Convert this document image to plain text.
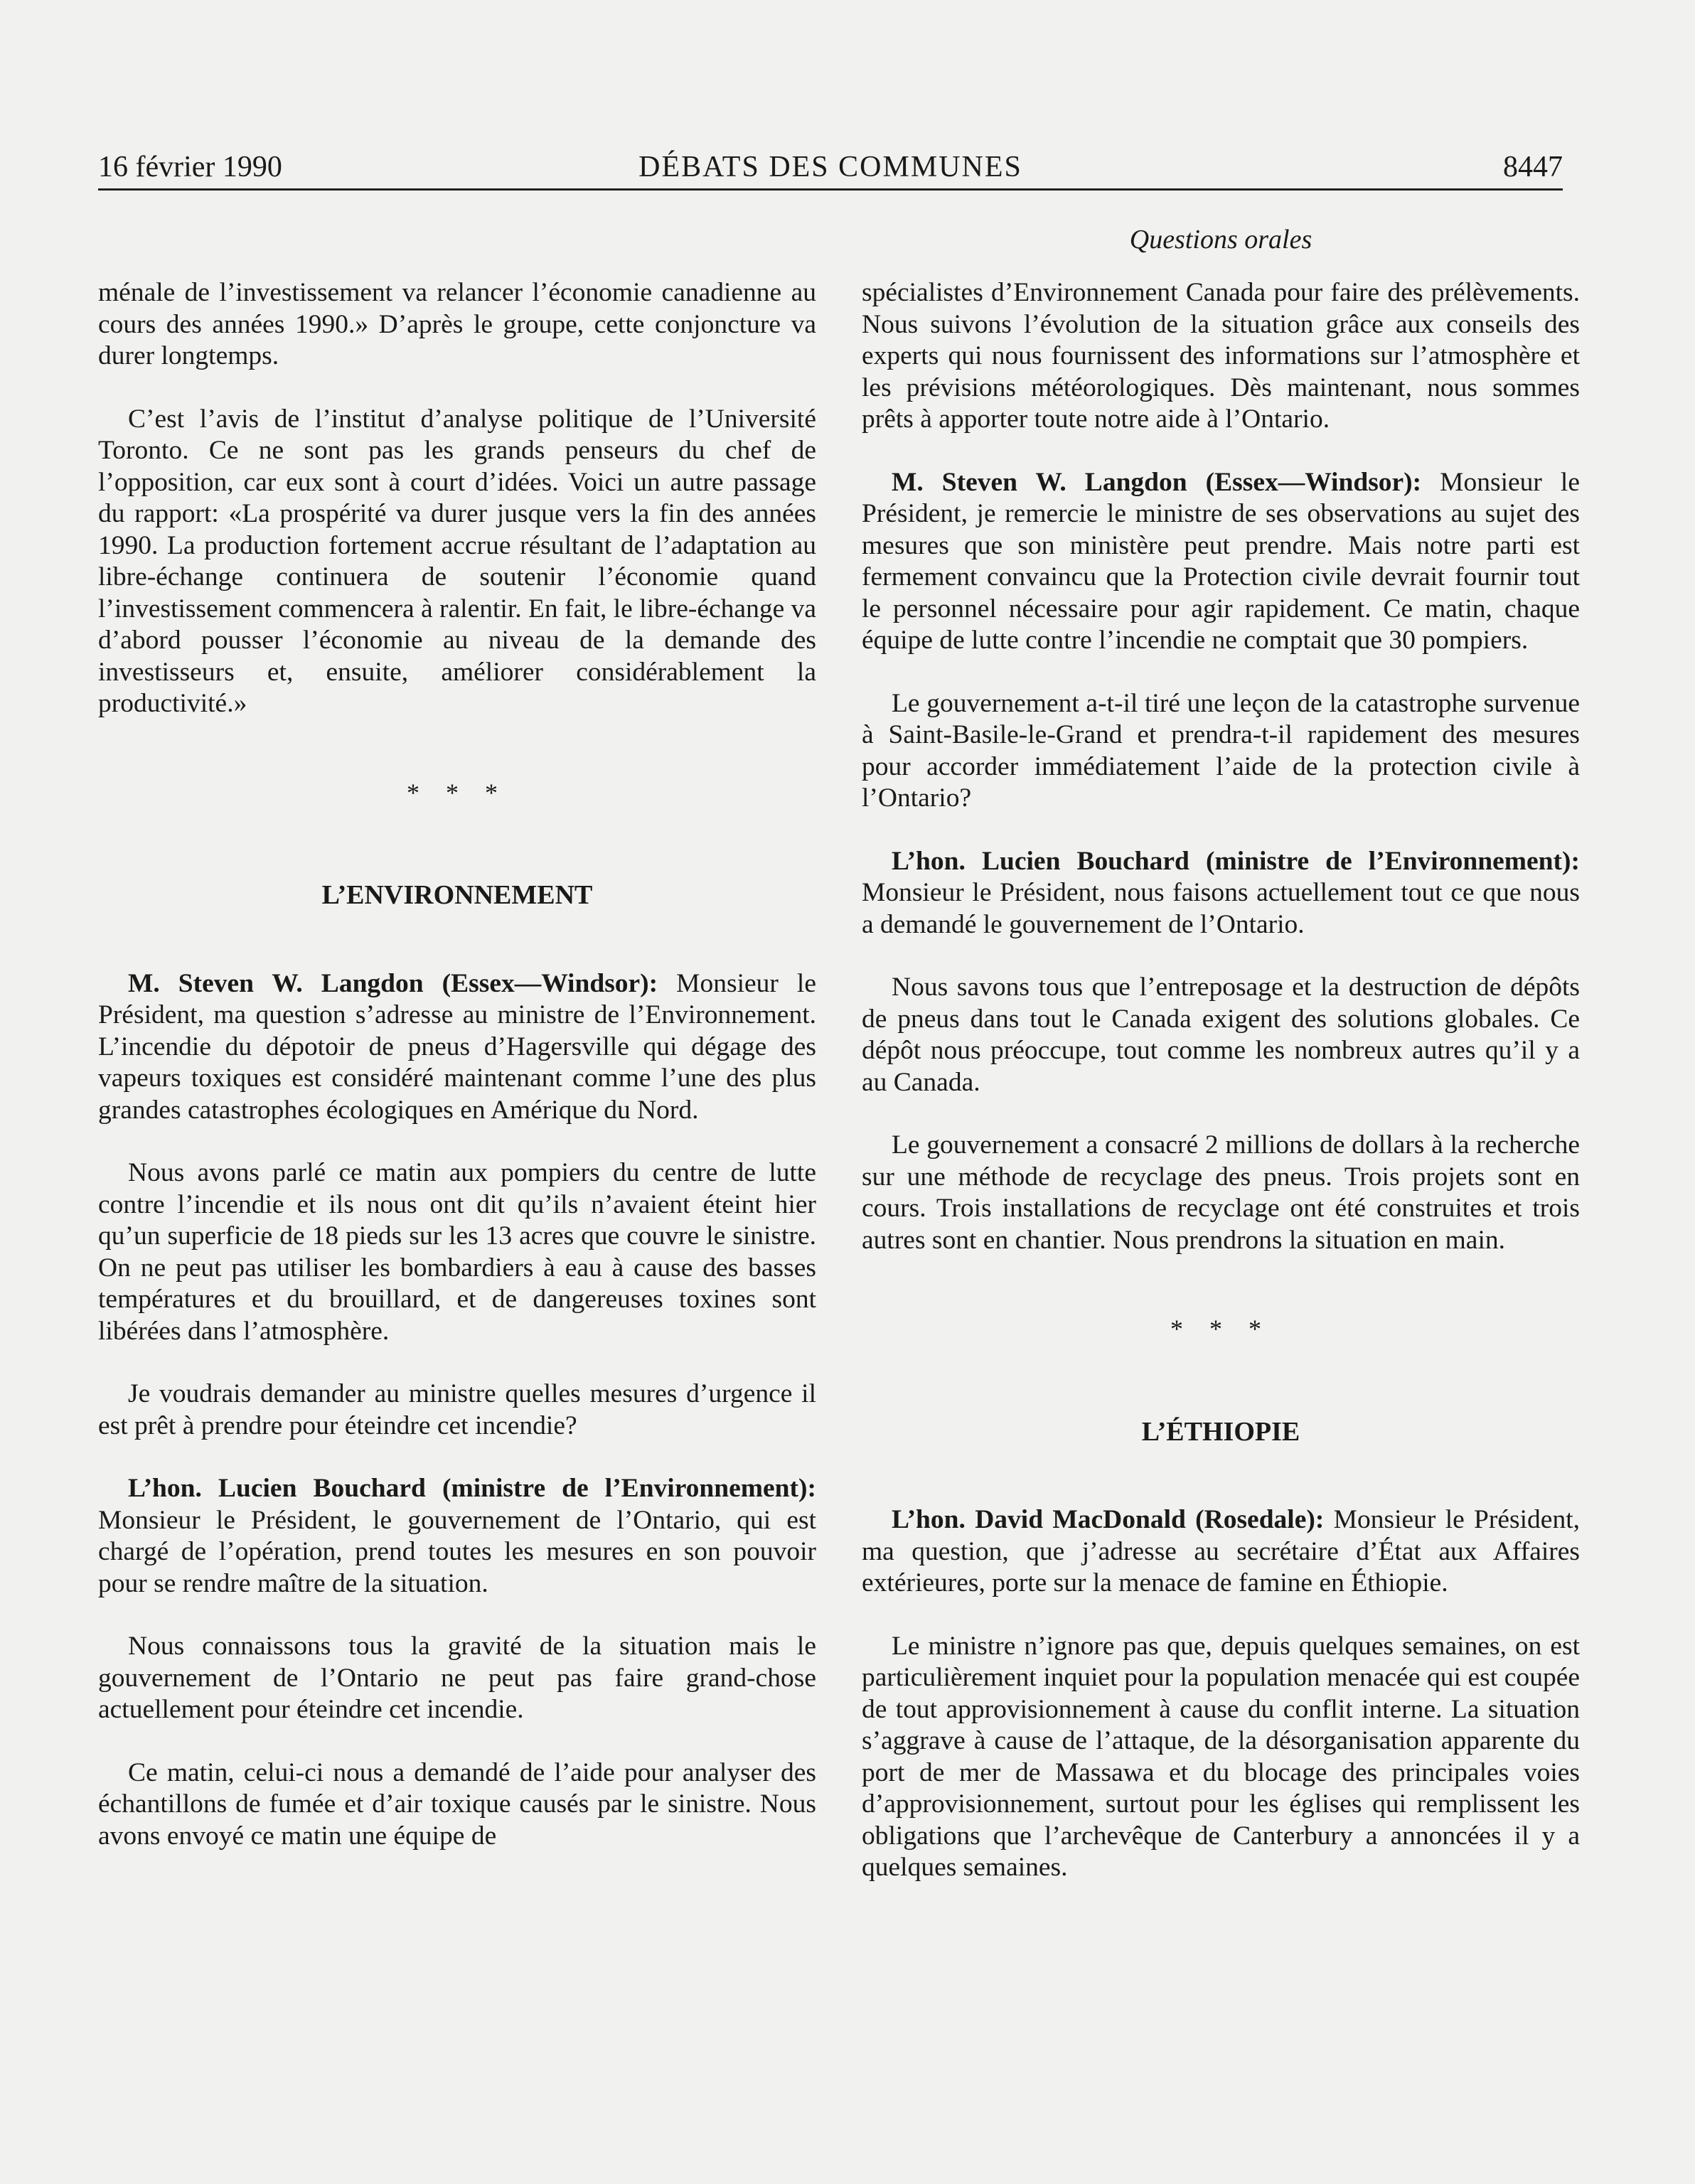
16 février 1990	DÉBATS DES COMMUNES	8447
Questions orales

ménale de l’investissement va relancer l’économie canadienne au cours des années 1990.» D’après le groupe, cette conjoncture va durer longtemps.

C’est l’avis de l’institut d’analyse politique de l’Université Toronto. Ce ne sont pas les grands penseurs du chef de l’opposition, car eux sont à court d’idées. Voici un autre passage du rapport: «La prospérité va durer jusque vers la fin des années 1990. La production fortement accrue résultant de l’adaptation au libre-échange continuera de soutenir l’économie quand l’investissement commencera à ralentir. En fait, le libre-échange va d’abord pousser l’économie au niveau de la demande des investisseurs et, ensuite, améliorer considérablement la productivité.»

* * *
L’ENVIRONNEMENT

M. Steven W. Langdon (Essex—Windsor): Monsieur le Président, ma question s’adresse au ministre de l’Environnement. L’incendie du dépotoir de pneus d’Hagersville qui dégage des vapeurs toxiques est considéré maintenant comme l’une des plus grandes catastrophes écologiques en Amérique du Nord.

Nous avons parlé ce matin aux pompiers du centre de lutte contre l’incendie et ils nous ont dit qu’ils n’avaient éteint hier qu’un superficie de 18 pieds sur les 13 acres que couvre le sinistre. On ne peut pas utiliser les bombardiers à eau à cause des basses températures et du brouillard, et de dangereuses toxines sont libérées dans l’atmosphère.

Je voudrais demander au ministre quelles mesures d’urgence il est prêt à prendre pour éteindre cet incendie?

L’hon. Lucien Bouchard (ministre de l’Environnement): Monsieur le Président, le gouvernement de l’Ontario, qui est chargé de l’opération, prend toutes les mesures en son pouvoir pour se rendre maître de la situation.

Nous connaissons tous la gravité de la situation mais le gouvernement de l’Ontario ne peut pas faire grand-chose actuellement pour éteindre cet incendie.

Ce matin, celui-ci nous a demandé de l’aide pour analyser des échantillons de fumée et d’air toxique causés par le sinistre. Nous avons envoyé ce matin une équipe de

spécialistes d’Environnement Canada pour faire des prélèvements. Nous suivons l’évolution de la situation grâce aux conseils des experts qui nous fournissent des informations sur l’atmosphère et les prévisions météorologiques. Dès maintenant, nous sommes prêts à apporter toute notre aide à l’Ontario.

M. Steven W. Langdon (Essex—Windsor): Monsieur le Président, je remercie le ministre de ses observations au sujet des mesures que son ministère peut prendre. Mais notre parti est fermement convaincu que la Protection civile devrait fournir tout le personnel nécessaire pour agir rapidement. Ce matin, chaque équipe de lutte contre l’incendie ne comptait que 30 pompiers.

Le gouvernement a-t-il tiré une leçon de la catastrophe survenue à Saint-Basile-le-Grand et prendra-t-il rapidement des mesures pour accorder immédiatement l’aide de la protection civile à l’Ontario?

L’hon. Lucien Bouchard (ministre de l’Environnement): Monsieur le Président, nous faisons actuellement tout ce que nous a demandé le gouvernement de l’Ontario.

Nous savons tous que l’entreposage et la destruction de dépôts de pneus dans tout le Canada exigent des solutions globales. Ce dépôt nous préoccupe, tout comme les nombreux autres qu’il y a au Canada.

Le gouvernement a consacré 2 millions de dollars à la recherche sur une méthode de recyclage des pneus. Trois projets sont en cours. Trois installations de recyclage ont été construites et trois autres sont en chantier. Nous prendrons la situation en main.

* * *
L’ÉTHIOPIE

L’hon. David MacDonald (Rosedale): Monsieur le Président, ma question, que j’adresse au secrétaire d’État aux Affaires extérieures, porte sur la menace de famine en Éthiopie.

Le ministre n’ignore pas que, depuis quelques semaines, on est particulièrement inquiet pour la population menacée qui est coupée de tout approvisionnement à cause du conflit interne. La situation s’aggrave à cause de l’attaque, de la désorganisation apparente du port de mer de Massawa et du blocage des principales voies d’approvisionnement, surtout pour les églises qui remplissent les obligations que l’archevêque de Canterbury a annoncées il y a quelques semaines.
